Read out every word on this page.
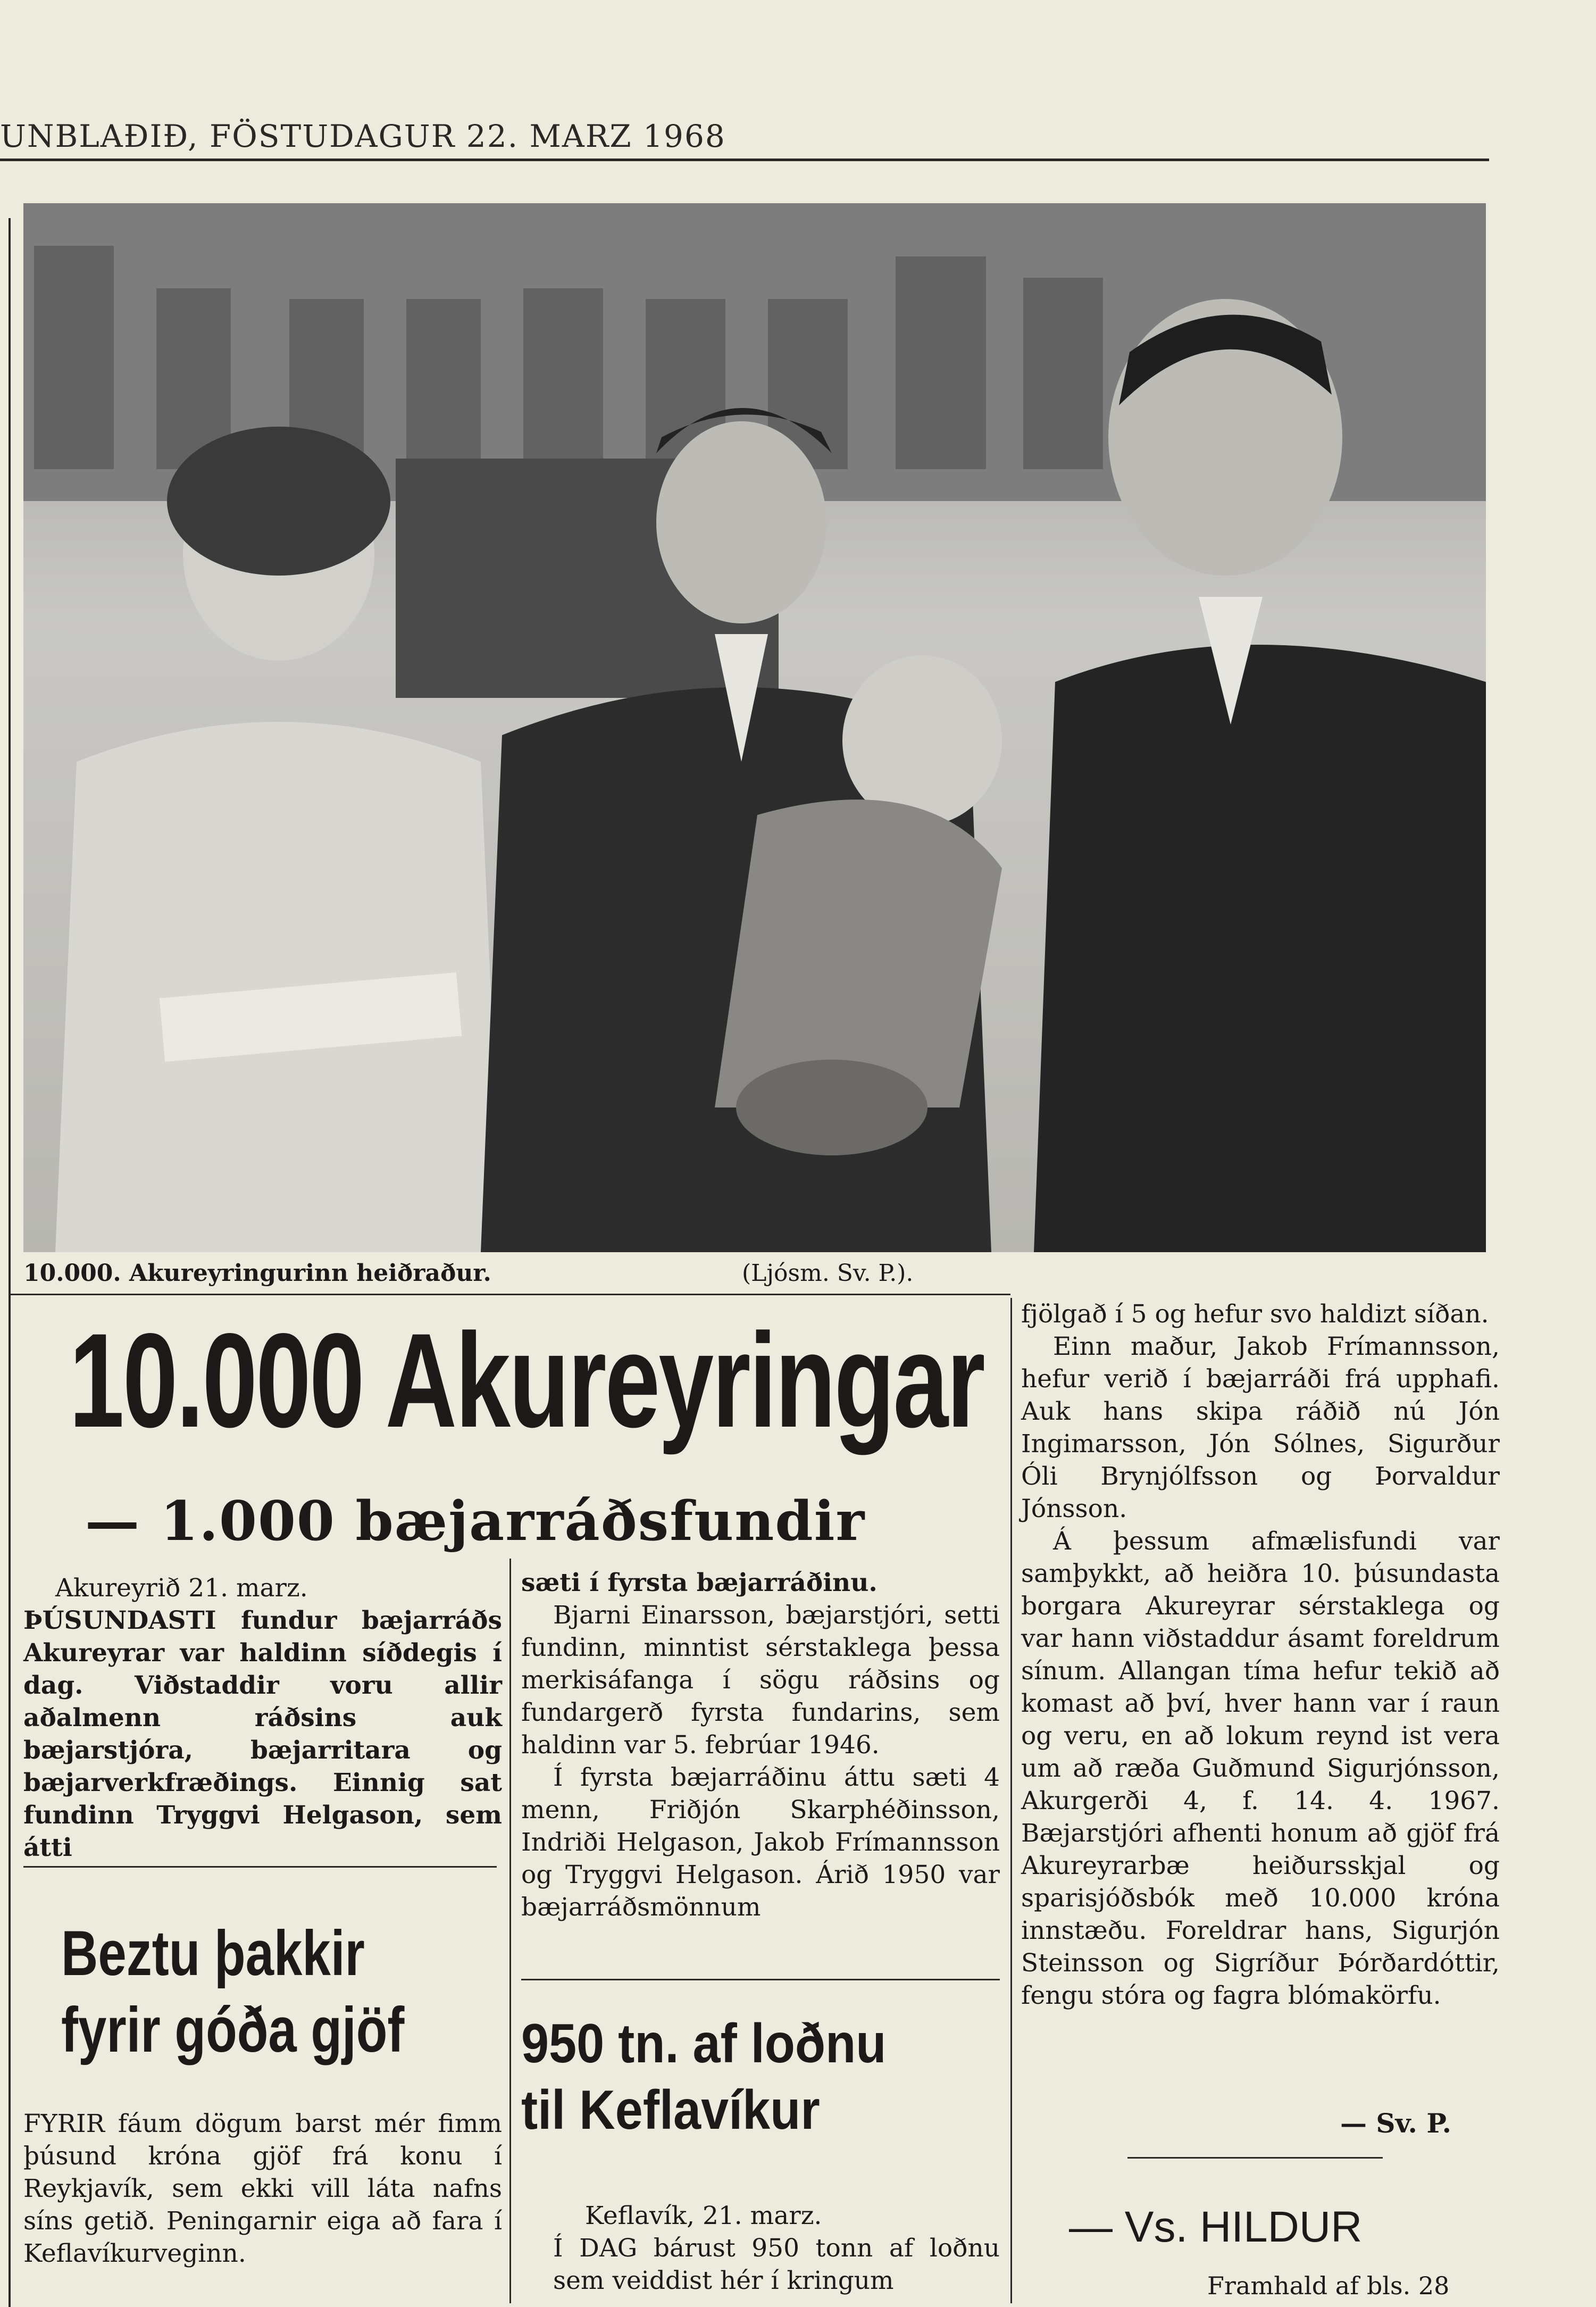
UNBLAÐIÐ, FÖSTUDAGUR 22. MARZ 1968
10.000. Akureyringurinn heiðraður.	(Ljósm. Sv. P.).
10.000 Akureyringar
— 1.000 bæjarráðsfundir

Akureyrið 21. marz.

ÞÚSUNDASTI fundur bæjarráðs Akureyrar var haldinn síðdegis í dag. Viðstaddir voru allir aðalmenn ráðsins auk bæjarstjóra, bæjarritara og bæjarverkfræðings. Einnig sat fundinn Tryggvi Helgason, sem átti

sæti í fyrsta bæjarráðinu.

Bjarni Einarsson, bæjarstjóri, setti fundinn, minntist sérstaklega þessa merkisáfanga í sögu ráðsins og fundargerð fyrsta fundarins, sem haldinn var 5. febrúar 1946.

Í fyrsta bæjarráðinu áttu sæti 4 menn, Friðjón Skarphéðinsson, Indriði Helgason, Jakob Frímannsson og Tryggvi Helgason. Árið 1950 var bæjarráðsmönnum

fjölgað í 5 og hefur svo haldizt síðan.

Einn maður, Jakob Frímannsson, hefur verið í bæjarráði frá upphafi. Auk hans skipa ráðið nú Jón Ingimarsson, Jón Sólnes, Sigurður Óli Brynjólfsson og Þorvaldur Jónsson.

Á þessum afmælisfundi var samþykkt, að heiðra 10. þúsundasta borgara Akureyrar sérstaklega og var hann viðstaddur ásamt foreldrum sínum. Allangan tíma hefur tekið að komast að því, hver hann var í raun og veru, en að lokum reynd ist vera um að ræða Guðmund Sigurjónsson, Akurgerði 4, f. 14. 4. 1967. Bæjarstjóri afhenti honum að gjöf frá Akureyrarbæ heiðursskjal og sparisjóðsbók með 10.000 króna innstæðu. Foreldrar hans, Sigurjón Steinsson og Sigríður Þórðardóttir, fengu stóra og fagra blómakörfu.

— Sv. P.
Beztu þakkir
fyrir góða gjöf
FYRIR fáum dögum barst mér fimm þúsund króna gjöf frá konu í Reykjavík, sem ekki vill láta nafns síns getið. Peningarnir eiga að fara í Keflavíkurveginn.
950 tn. af loðnu
til Keflavíkur

Keflavík, 21. marz.

Í DAG bárust 950 tonn af loðnu sem veiddist hér í kringum

— Vs. HILDUR
Framhald af bls. 28
